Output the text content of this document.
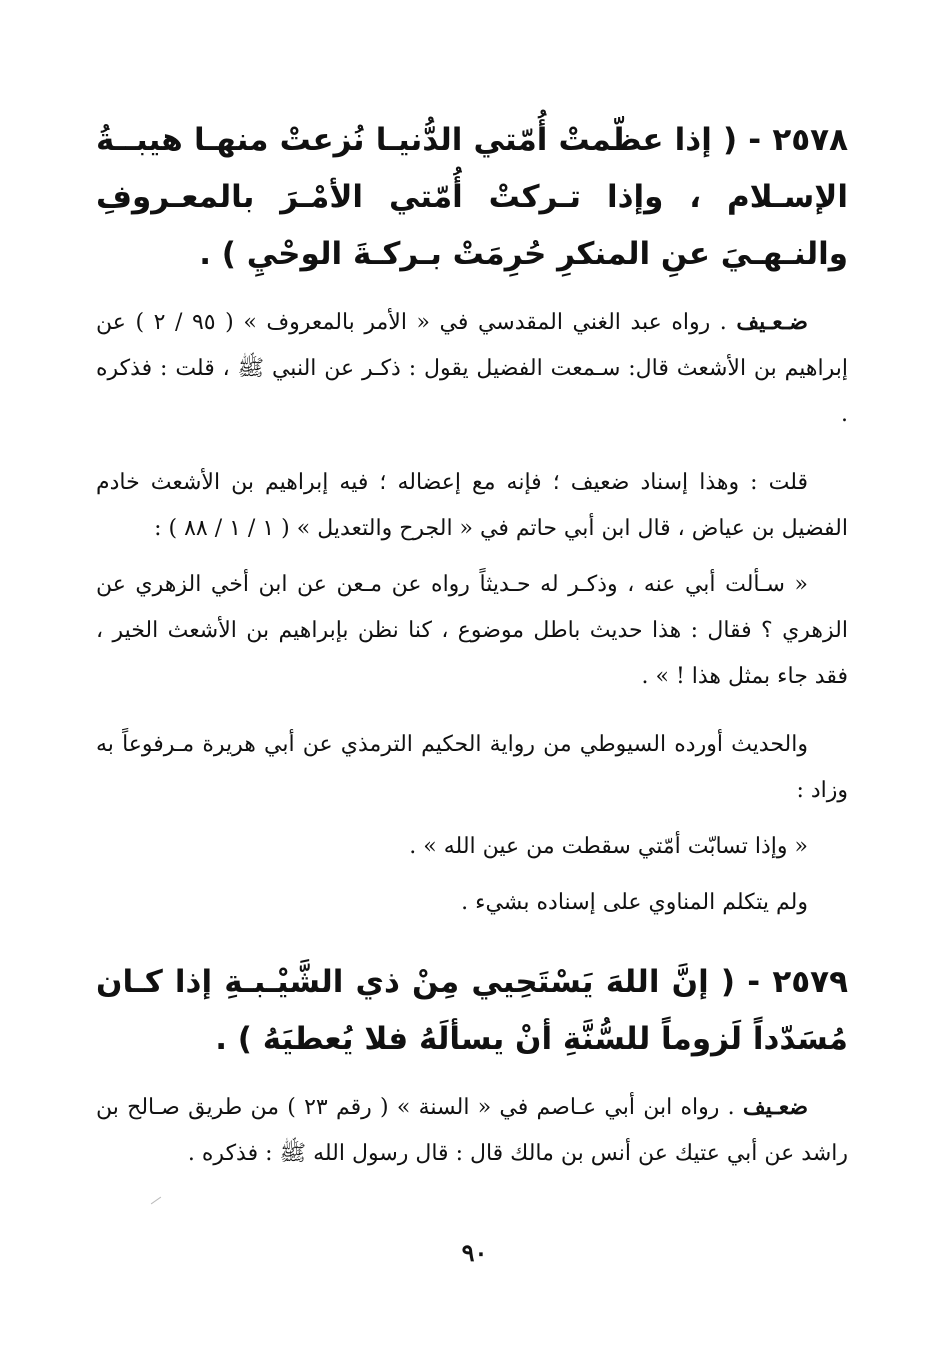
٢٥٧٨ - ( إذا عظّمتْ أُمّتي الدُّنيـا نُزعتْ منهـا هيبــةُ الإسـلام ، وإذا تـركتْ أُمّتي الأمْـرَ بالمعـروفِ والنـهـيَ عنِ المنكرِ حُرِمَتْ بـركـةَ الوحْيِ ) .

ضـعـيف . رواه عبد الغني المقدسي في « الأمر بالمعروف » ( ٩٥ / ٢ ) عن إبراهيم بن الأشعث قال: سـمعت الفضيل يقول : ذكـر عن النبي ﷺ ، قلت : فذكره .

قلت : وهذا إسناد ضعيف ؛ فإنه مع إعضاله ؛ فيه إبراهيم بن الأشعث خادم الفضيل بن عياض ، قال ابن أبي حاتم في « الجرح والتعديل » ( ١ / ١ / ٨٨ ) :

« سـألت أبي عنه ، وذكـر له حـديثاً رواه عن مـعن عن ابن أخي الزهري عن الزهري ؟ فقال : هذا حديث باطل موضوع ، كنا نظن بإبراهيم بن الأشعث الخير ، فقد جاء بمثل هذا ! » .

والحديث أورده السيوطي من رواية الحكيم الترمذي عن أبي هريرة مـرفوعاً به وزاد :

« وإذا تسابّت أمّتي سقطت من عين الله » .

ولم يتكلم المناوي على إسناده بشيء .

٢٥٧٩ - ( إنَّ اللهَ يَسْتَحِيي مِنْ ذي الشَّيْـبـةِ إذا كـان مُسَدّداً لَزوماً للسُّنَّةِ أنْ يسألَهُ فلا يُعطيَهُ ) .

ضعـيف . رواه ابن أبي عـاصم في « السنة » ( رقم ٢٣ ) من طريق صـالح بن راشد عن أبي عتيك عن أنس بن مالك قال : قال رسول الله ﷺ : فذكره .

٩٠
